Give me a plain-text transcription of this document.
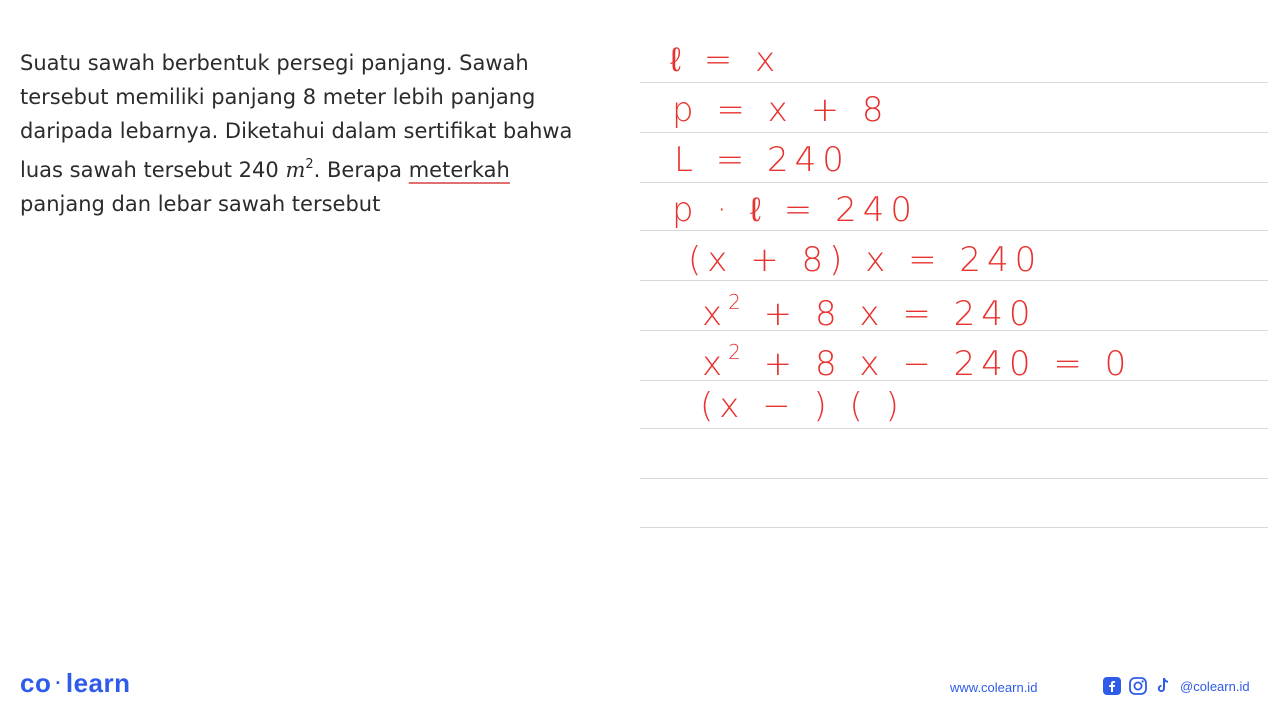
Suatu sawah berbentuk persegi panjang. Sawah
tersebut memiliki panjang 8 meter lebih panjang
daripada lebarnya. Diketahui dalam sertifikat bahwa
luas sawah tersebut 240 $m^2$. Berapa meterkah
panjang dan lebar sawah tersebut
ℓ = x
p = x + 8
L = 240
p · ℓ = 240
(x + 8) x = 240
$x^2 + 8$ x = 240
$x^2 + 8$ x − 240 = 0
(x − ) ( )
co · learn	www.colearn.id	@colearn.id
